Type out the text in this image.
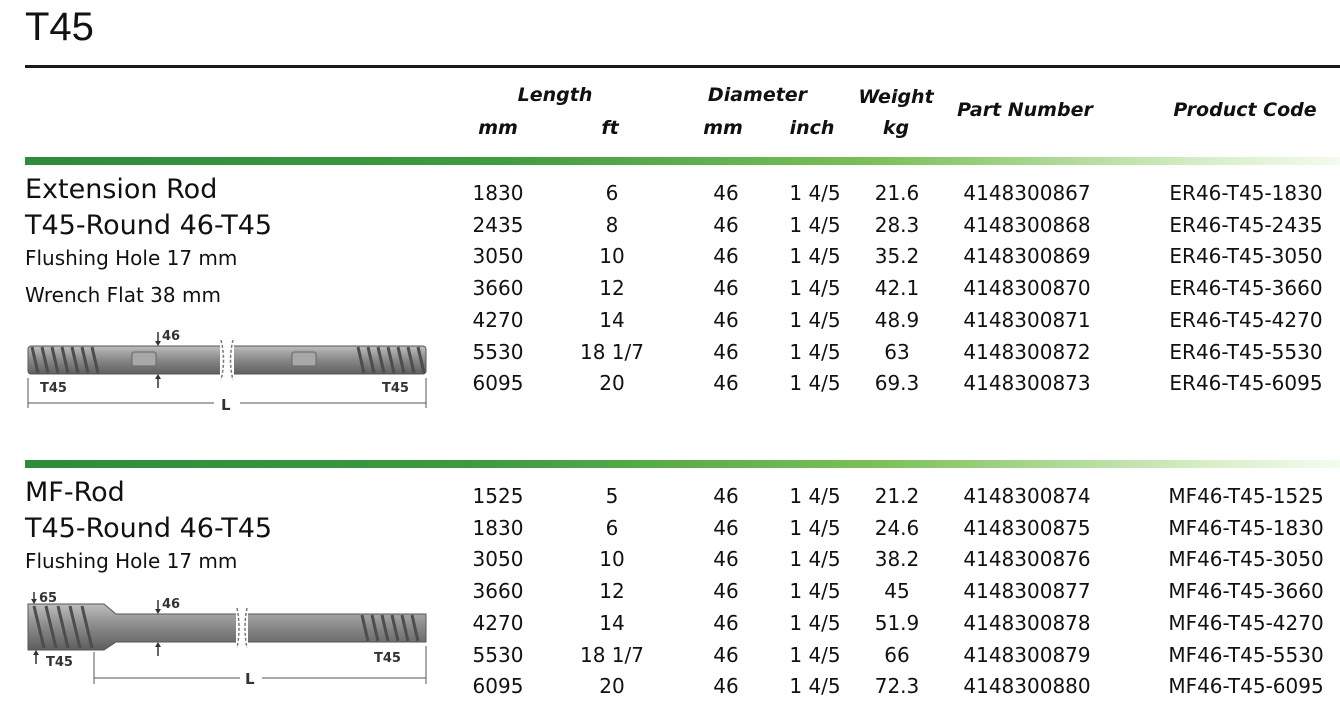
T45
Length	Diameter	Weight
mm	ft	mm	inch	kg
Part Number	Product Code
Extension Rod
T45-Round 46-T45
Flushing Hole 17 mm
Wrench Flat 38 mm
46
T45	T45
L
MF-Rod
T45-Round 46-T45
Flushing Hole 17 mm
65	46
T45	T45
L
1830	6	46	1 4/5	21.6	4148300867	ER46-T45-1830
2435	8	46	1 4/5	28.3	4148300868	ER46-T45-2435
3050	10	46	1 4/5	35.2	4148300869	ER46-T45-3050
3660	12	46	1 4/5	42.1	4148300870	ER46-T45-3660
4270	14	46	1 4/5	48.9	4148300871	ER46-T45-4270
5530	18 1/7	46	1 4/5	63	4148300872	ER46-T45-5530
6095	20	46	1 4/5	69.3	4148300873	ER46-T45-6095
1525	5	46	1 4/5	21.2	4148300874	MF46-T45-1525
1830	6	46	1 4/5	24.6	4148300875	MF46-T45-1830
3050	10	46	1 4/5	38.2	4148300876	MF46-T45-3050
3660	12	46	1 4/5	45	4148300877	MF46-T45-3660
4270	14	46	1 4/5	51.9	4148300878	MF46-T45-4270
5530	18 1/7	46	1 4/5	66	4148300879	MF46-T45-5530
6095	20	46	1 4/5	72.3	4148300880	MF46-T45-6095
